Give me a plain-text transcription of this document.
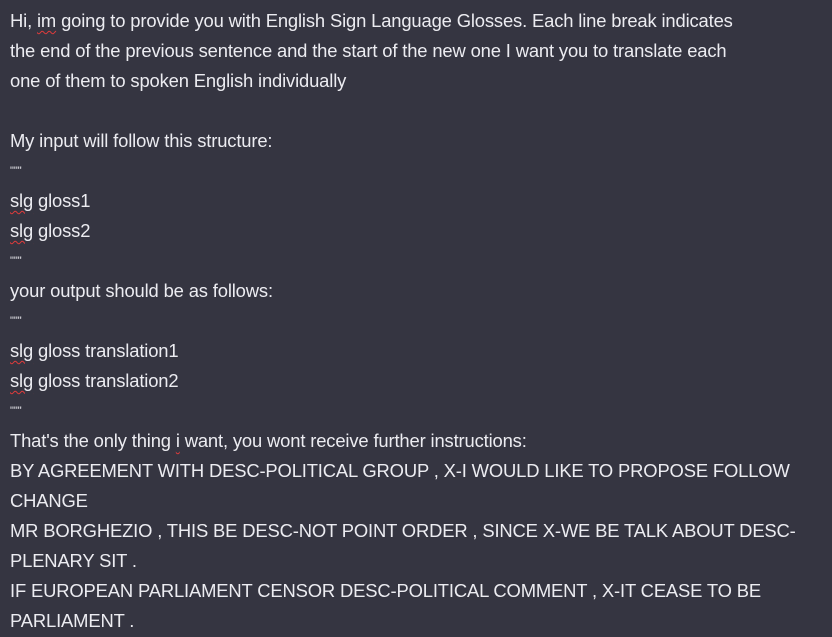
Hi, im going to provide you with English Sign Language Glosses. Each line break indicates
the end of the previous sentence and the start of the new one I want you to translate each
one of them to spoken English individually
My input will follow this structure:
"""
slg gloss1
slg gloss2
"""
your output should be as follows:
"""
slg gloss translation1
slg gloss translation2
"""
That's the only thing i want, you wont receive further instructions:
BY AGREEMENT WITH DESC-POLITICAL GROUP , X-I WOULD LIKE TO PROPOSE FOLLOW
CHANGE
MR BORGHEZIO , THIS BE DESC-NOT POINT ORDER , SINCE X-WE BE TALK ABOUT DESC-
PLENARY SIT .
IF EUROPEAN PARLIAMENT CENSOR DESC-POLITICAL COMMENT , X-IT CEASE TO BE
PARLIAMENT .
